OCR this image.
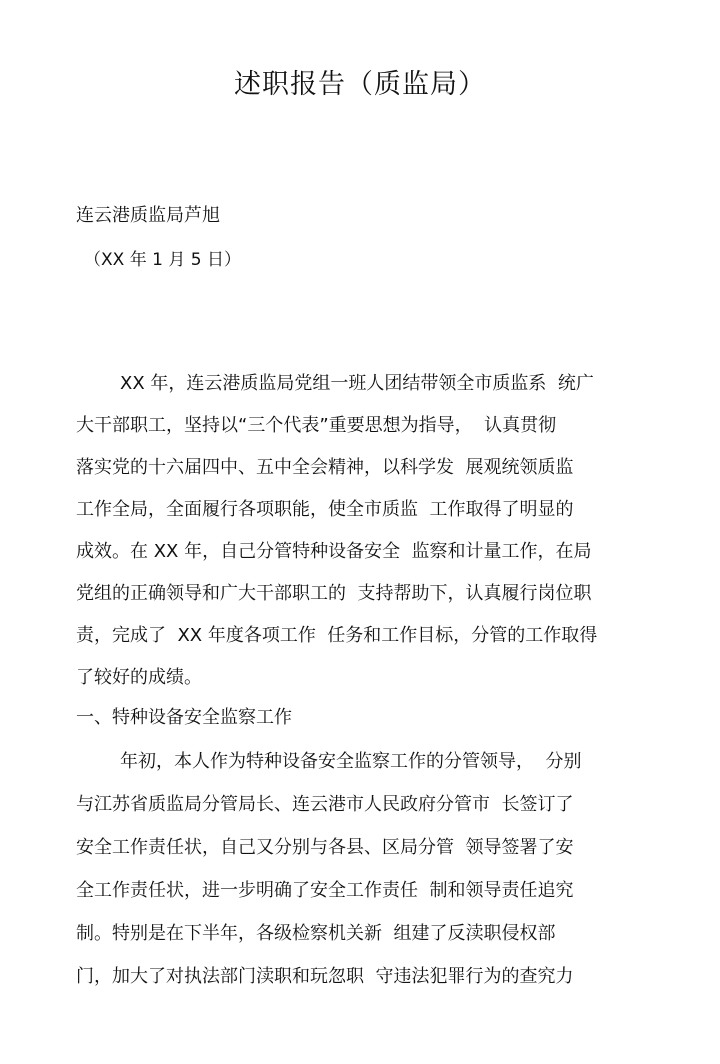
述职报告（质监局）
连云港质监局芦旭
（XX 年 1 月 5 日）
XX 年，连云港质监局党组一班人团结带领全市质监系  统广
大干部职工，坚持以“三个代表”重要思想为指导，  认真贯彻
落实党的十六届四中、五中全会精神，以科学发  展观统领质监
工作全局，全面履行各项职能，使全市质监  工作取得了明显的
成效。在 XX 年，自己分管特种设备安全  监察和计量工作，在局
党组的正确领导和广大干部职工的  支持帮助下，认真履行岗位职
责，完成了  XX 年度各项工作  任务和工作目标，分管的工作取得
了较好的成绩。
一、特种设备安全监察工作
年初，本人作为特种设备安全监察工作的分管领导，  分别
与江苏省质监局分管局长、连云港市人民政府分管市  长签订了
安全工作责任状，自己又分别与各县、区局分管  领导签署了安
全工作责任状，进一步明确了安全工作责任  制和领导责任追究
制。特别是在下半年，各级检察机关新  组建了反渎职侵权部
门，加大了对执法部门渎职和玩忽职  守违法犯罪行为的查究力
